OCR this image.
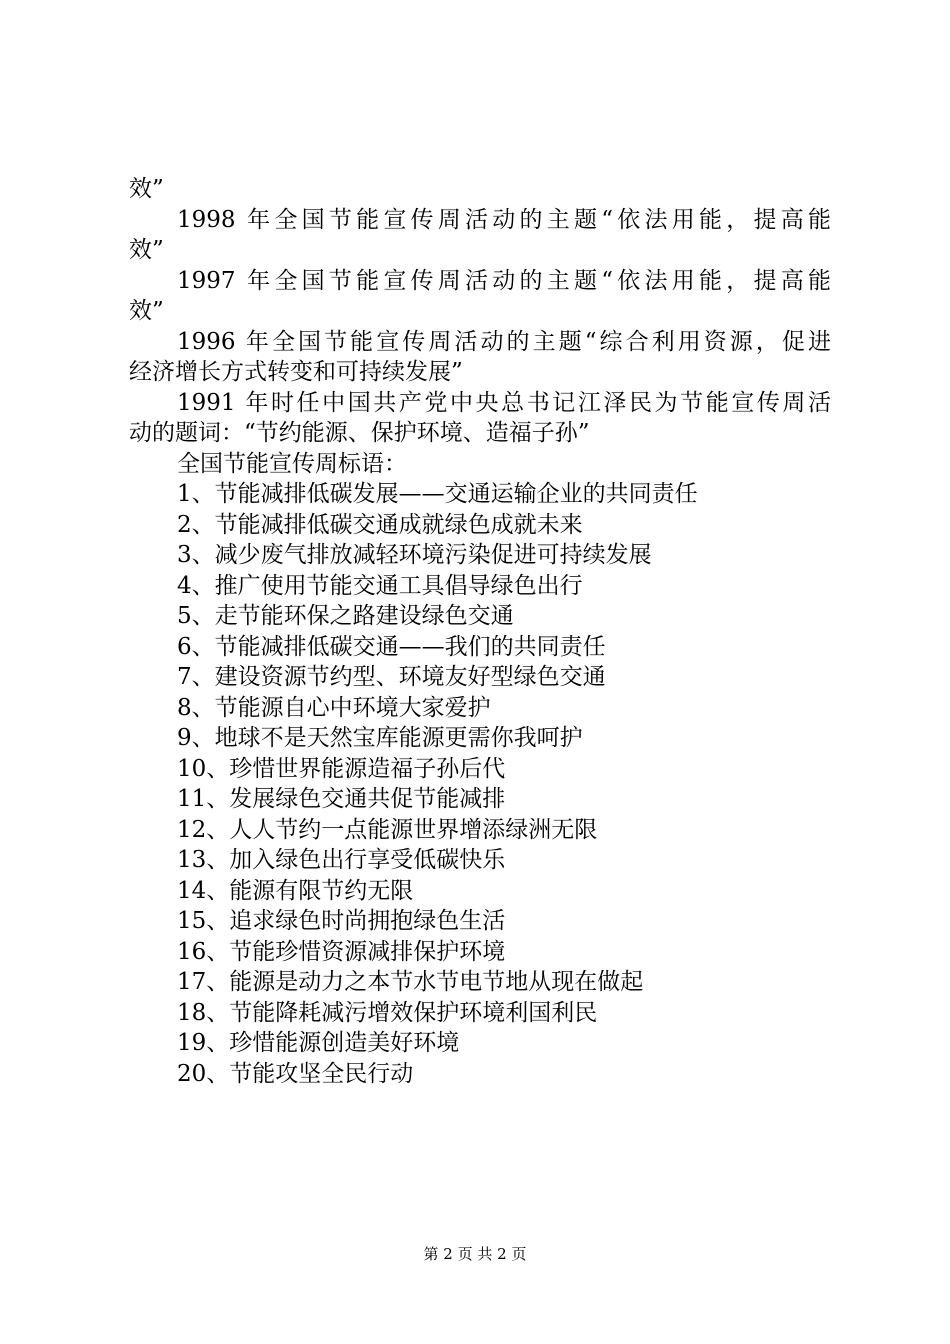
效”
1998 年全国节能宣传周活动的主题“依法用能，提高能
效”
1997 年全国节能宣传周活动的主题“依法用能，提高能
效”
1996 年全国节能宣传周活动的主题“综合利用资源，促进
经济增长方式转变和可持续发展”
1991 年时任中国共产党中央总书记江泽民为节能宣传周活
动的题词：“节约能源、保护环境、造福子孙”
全国节能宣传周标语：
1、节能减排低碳发展——交通运输企业的共同责任
2、节能减排低碳交通成就绿色成就未来
3、减少废气排放减轻环境污染促进可持续发展
4、推广使用节能交通工具倡导绿色出行
5、走节能环保之路建设绿色交通
6、节能减排低碳交通——我们的共同责任
7、建设资源节约型、环境友好型绿色交通
8、节能源自心中环境大家爱护
9、地球不是天然宝库能源更需你我呵护
10、珍惜世界能源造福子孙后代
11、发展绿色交通共促节能减排
12、人人节约一点能源世界增添绿洲无限
13、加入绿色出行享受低碳快乐
14、能源有限节约无限
15、追求绿色时尚拥抱绿色生活
16、节能珍惜资源减排保护环境
17、能源是动力之本节水节电节地从现在做起
18、节能降耗减污增效保护环境利国利民
19、珍惜能源创造美好环境
20、节能攻坚全民行动
第 2 页 共 2 页
